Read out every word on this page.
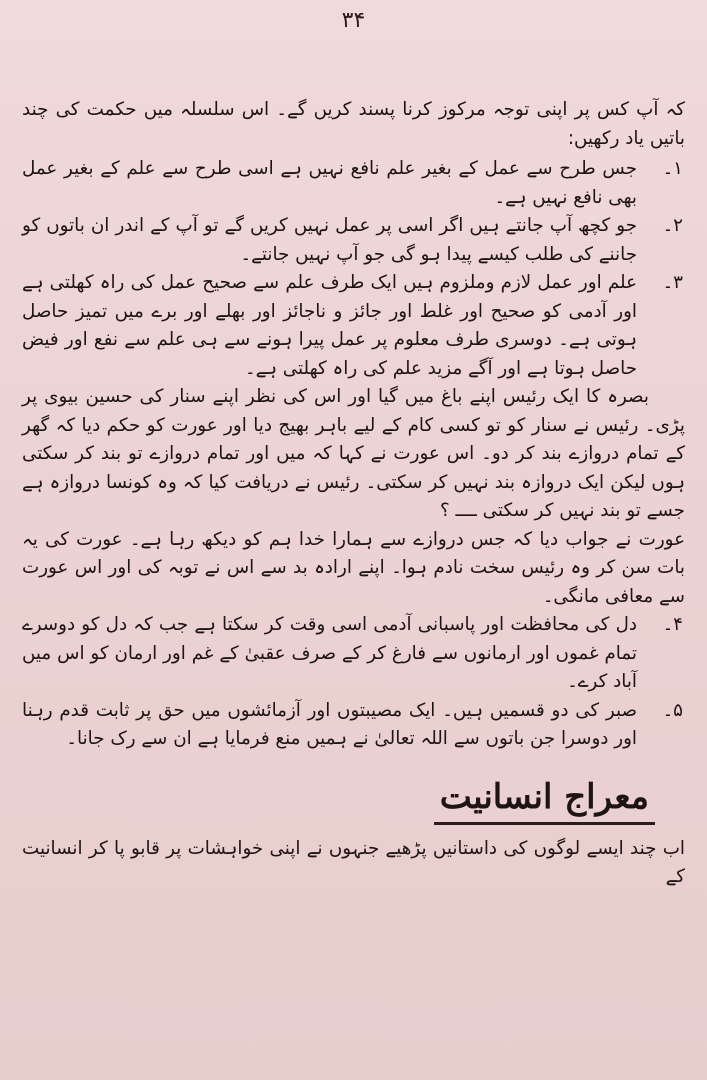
۳۴

کہ آپ کس پر اپنی توجہ مرکوز کرنا پسند کریں گے۔ اس سلسلہ میں حکمت کی چند باتیں یاد رکھیں:

۱۔

جس طرح سے عمل کے بغیر علم نافع نہیں ہے اسی طرح سے علم کے بغیر عمل بھی نافع نہیں ہے۔

۲۔

جو کچھ آپ جانتے ہیں اگر اسی پر عمل نہیں کریں گے تو آپ کے اندر ان باتوں کو جاننے کی طلب کیسے پیدا ہو گی جو آپ نہیں جانتے۔

۳۔

علم اور عمل لازم وملزوم ہیں ایک طرف علم سے صحیح عمل کی راہ کھلتی ہے اور آدمی کو صحیح اور غلط اور جائز و ناجائز اور بھلے اور برے میں تمیز حاصل ہوتی ہے۔ دوسری طرف معلوم پر عمل پیرا ہونے سے ہی علم سے نفع اور فیض حاصل ہوتا ہے اور آگے مزید علم کی راہ کھلتی ہے۔

بصرہ کا ایک رئیس اپنے باغ میں گیا اور اس کی نظر اپنے سنار کی حسین بیوی پر پڑی۔ رئیس نے سنار کو تو کسی کام کے لیے باہر بھیج دیا اور عورت کو حکم دیا کہ گھر کے تمام دروازے بند کر دو۔ اس عورت نے کہا کہ میں اور تمام دروازے تو بند کر سکتی ہوں لیکن ایک دروازہ بند نہیں کر سکتی۔ رئیس نے دریافت کیا کہ وہ کونسا دروازہ ہے جسے تو بند نہیں کر سکتی ــــ ؟

عورت نے جواب دیا کہ جس دروازے سے ہمارا خدا ہم کو دیکھ رہا ہے۔ عورت کی یہ بات سن کر وہ رئیس سخت نادم ہوا۔ اپنے ارادہ بد سے اس نے توبہ کی اور اس عورت سے معافی مانگی۔

۴۔

دل کی محافظت اور پاسبانی آدمی اسی وقت کر سکتا ہے جب کہ دل کو دوسرے تمام غموں اور ارمانوں سے فارغ کر کے صرف عقبیٰ کے غم اور ارمان کو اس میں آباد کرے۔

۵۔

صبر کی دو قسمیں ہیں۔ ایک مصیبتوں اور آزمائشوں میں حق پر ثابت قدم رہنا اور دوسرا جن باتوں سے اللہ تعالیٰ نے ہمیں منع فرمایا ہے ان سے رک جانا۔

معراج انسانیت

اب چند ایسے لوگوں کی داستانیں پڑھیے جنہوں نے اپنی خواہشات پر قابو پا کر انسانیت کے
